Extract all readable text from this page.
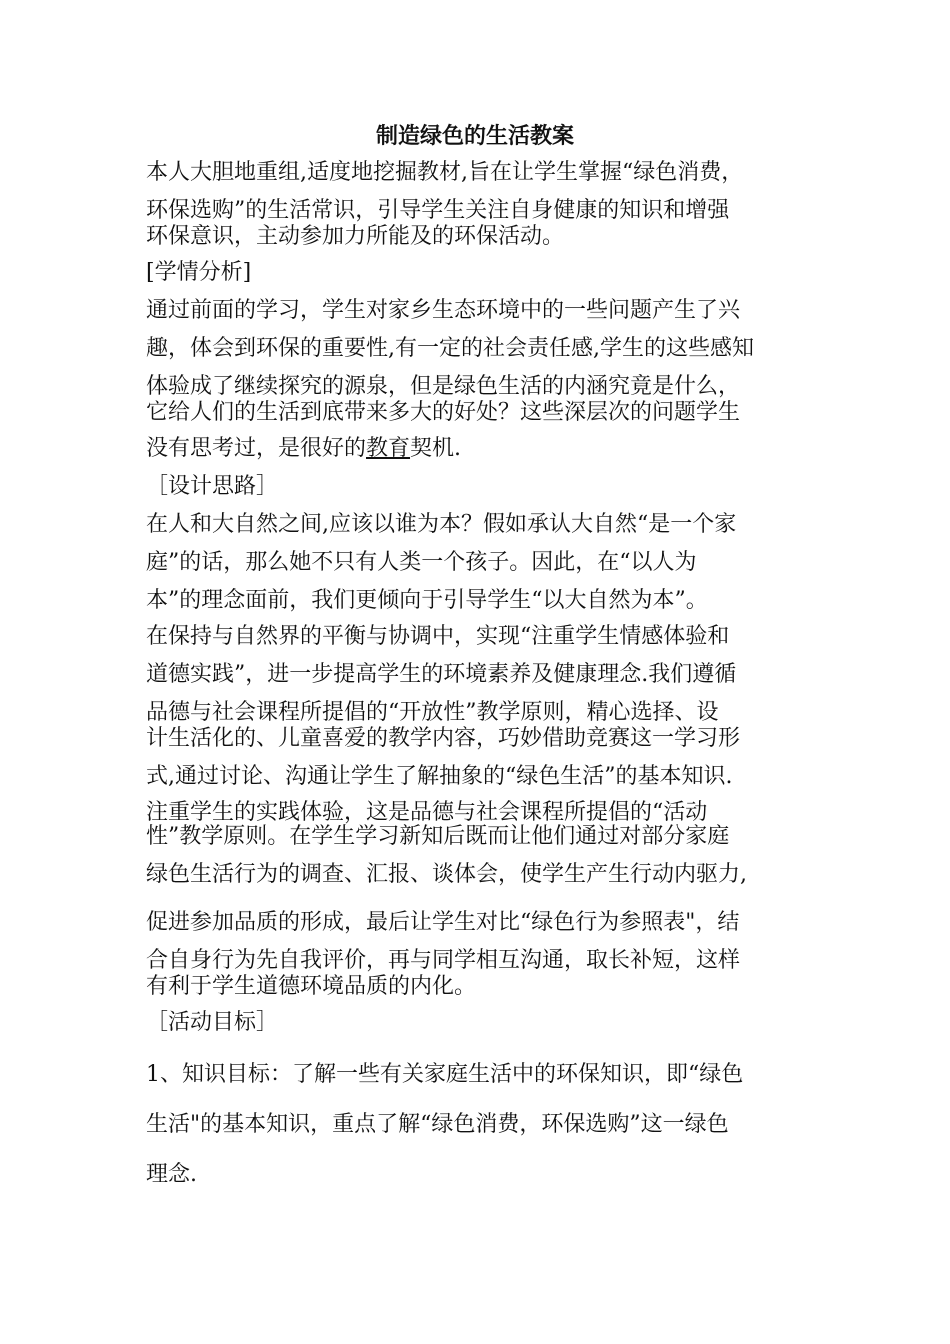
制造绿色的生活教案
本人大胆地重组,适度地挖掘教材,旨在让学生掌握“绿色消费，
环保选购”的生活常识，引导学生关注自身健康的知识和增强
环保意识，主动参加力所能及的环保活动。
[学情分析]
通过前面的学习，学生对家乡生态环境中的一些问题产生了兴
趣，体会到环保的重要性,有一定的社会责任感,学生的这些感知
体验成了继续探究的源泉，但是绿色生活的内涵究竟是什么，
它给人们的生活到底带来多大的好处？这些深层次的问题学生
没有思考过，是很好的教育契机.
［设计思路］
在人和大自然之间,应该以谁为本？假如承认大自然“是一个家
庭”的话，那么她不只有人类一个孩子。因此，在“以人为
本”的理念面前，我们更倾向于引导学生“以大自然为本”。
在保持与自然界的平衡与协调中，实现“注重学生情感体验和
道德实践”，进一步提高学生的环境素养及健康理念.我们遵循
品德与社会课程所提倡的“开放性”教学原则，精心选择、设
计生活化的、儿童喜爱的教学内容，巧妙借助竞赛这一学习形
式,通过讨论、沟通让学生了解抽象的“绿色生活”的基本知识.
注重学生的实践体验，这是品德与社会课程所提倡的“活动
性”教学原则。在学生学习新知后既而让他们通过对部分家庭
绿色生活行为的调查、汇报、谈体会，使学生产生行动内驱力,
促进参加品质的形成，最后让学生对比“绿色行为参照表"，结
合自身行为先自我评价，再与同学相互沟通，取长补短，这样
有利于学生道德环境品质的内化。
［活动目标］
1、知识目标：了解一些有关家庭生活中的环保知识，即“绿色
生活"的基本知识，重点了解“绿色消费，环保选购”这一绿色
理念.
